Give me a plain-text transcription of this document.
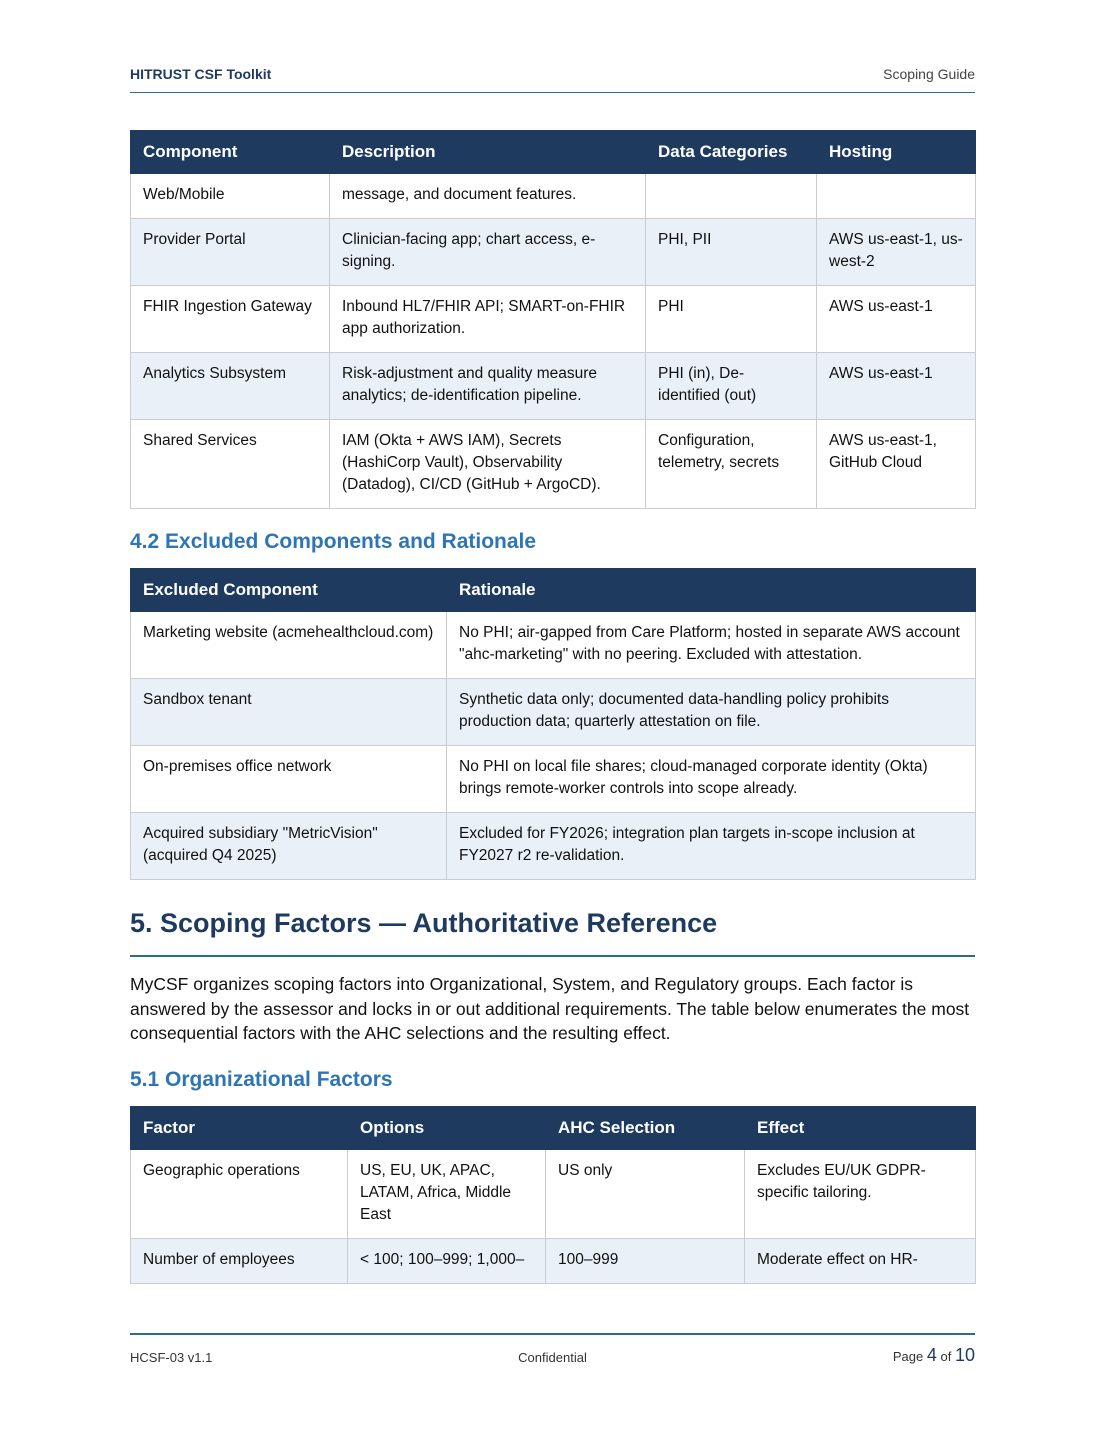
HITRUST CSF Toolkit	Scoping Guide
Component	Description	Data Categories	Hosting
Web/Mobile	message, and document features.		
Provider Portal	Clinician-facing app; chart access, e-signing.	PHI, PII	AWS us-east-1, us-west-2
FHIR Ingestion Gateway	Inbound HL7/FHIR API; SMART-on-FHIR app authorization.	PHI	AWS us-east-1
Analytics Subsystem	Risk-adjustment and quality measure analytics; de-identification pipeline.	PHI (in), De-identified (out)	AWS us-east-1
Shared Services	IAM (Okta + AWS IAM), Secrets (HashiCorp Vault), Observability (Datadog), CI/CD (GitHub + ArgoCD).	Configuration, telemetry, secrets	AWS us-east-1, GitHub Cloud
4.2 Excluded Components and Rationale
Excluded Component	Rationale
Marketing website (acmehealthcloud.com)	No PHI; air-gapped from Care Platform; hosted in separate AWS account "ahc-marketing" with no peering. Excluded with attestation.
Sandbox tenant	Synthetic data only; documented data-handling policy prohibits production data; quarterly attestation on file.
On-premises office network	No PHI on local file shares; cloud-managed corporate identity (Okta) brings remote-worker controls into scope already.
Acquired subsidiary "MetricVision" (acquired Q4 2025)	Excluded for FY2026; integration plan targets in-scope inclusion at FY2027 r2 re-validation.
5. Scoping Factors — Authoritative Reference
MyCSF organizes scoping factors into Organizational, System, and Regulatory groups. Each factor is answered by the assessor and locks in or out additional requirements. The table below enumerates the most consequential factors with the AHC selections and the resulting effect.
5.1 Organizational Factors
Factor	Options	AHC Selection	Effect
Geographic operations	US, EU, UK, APAC, LATAM, Africa, Middle East	US only	Excludes EU/UK GDPR-specific tailoring.
Number of employees	< 100; 100–999; 1,000–	100–999	Moderate effect on HR-
HCSF-03 v1.1	Confidential	Page 4 of 10
